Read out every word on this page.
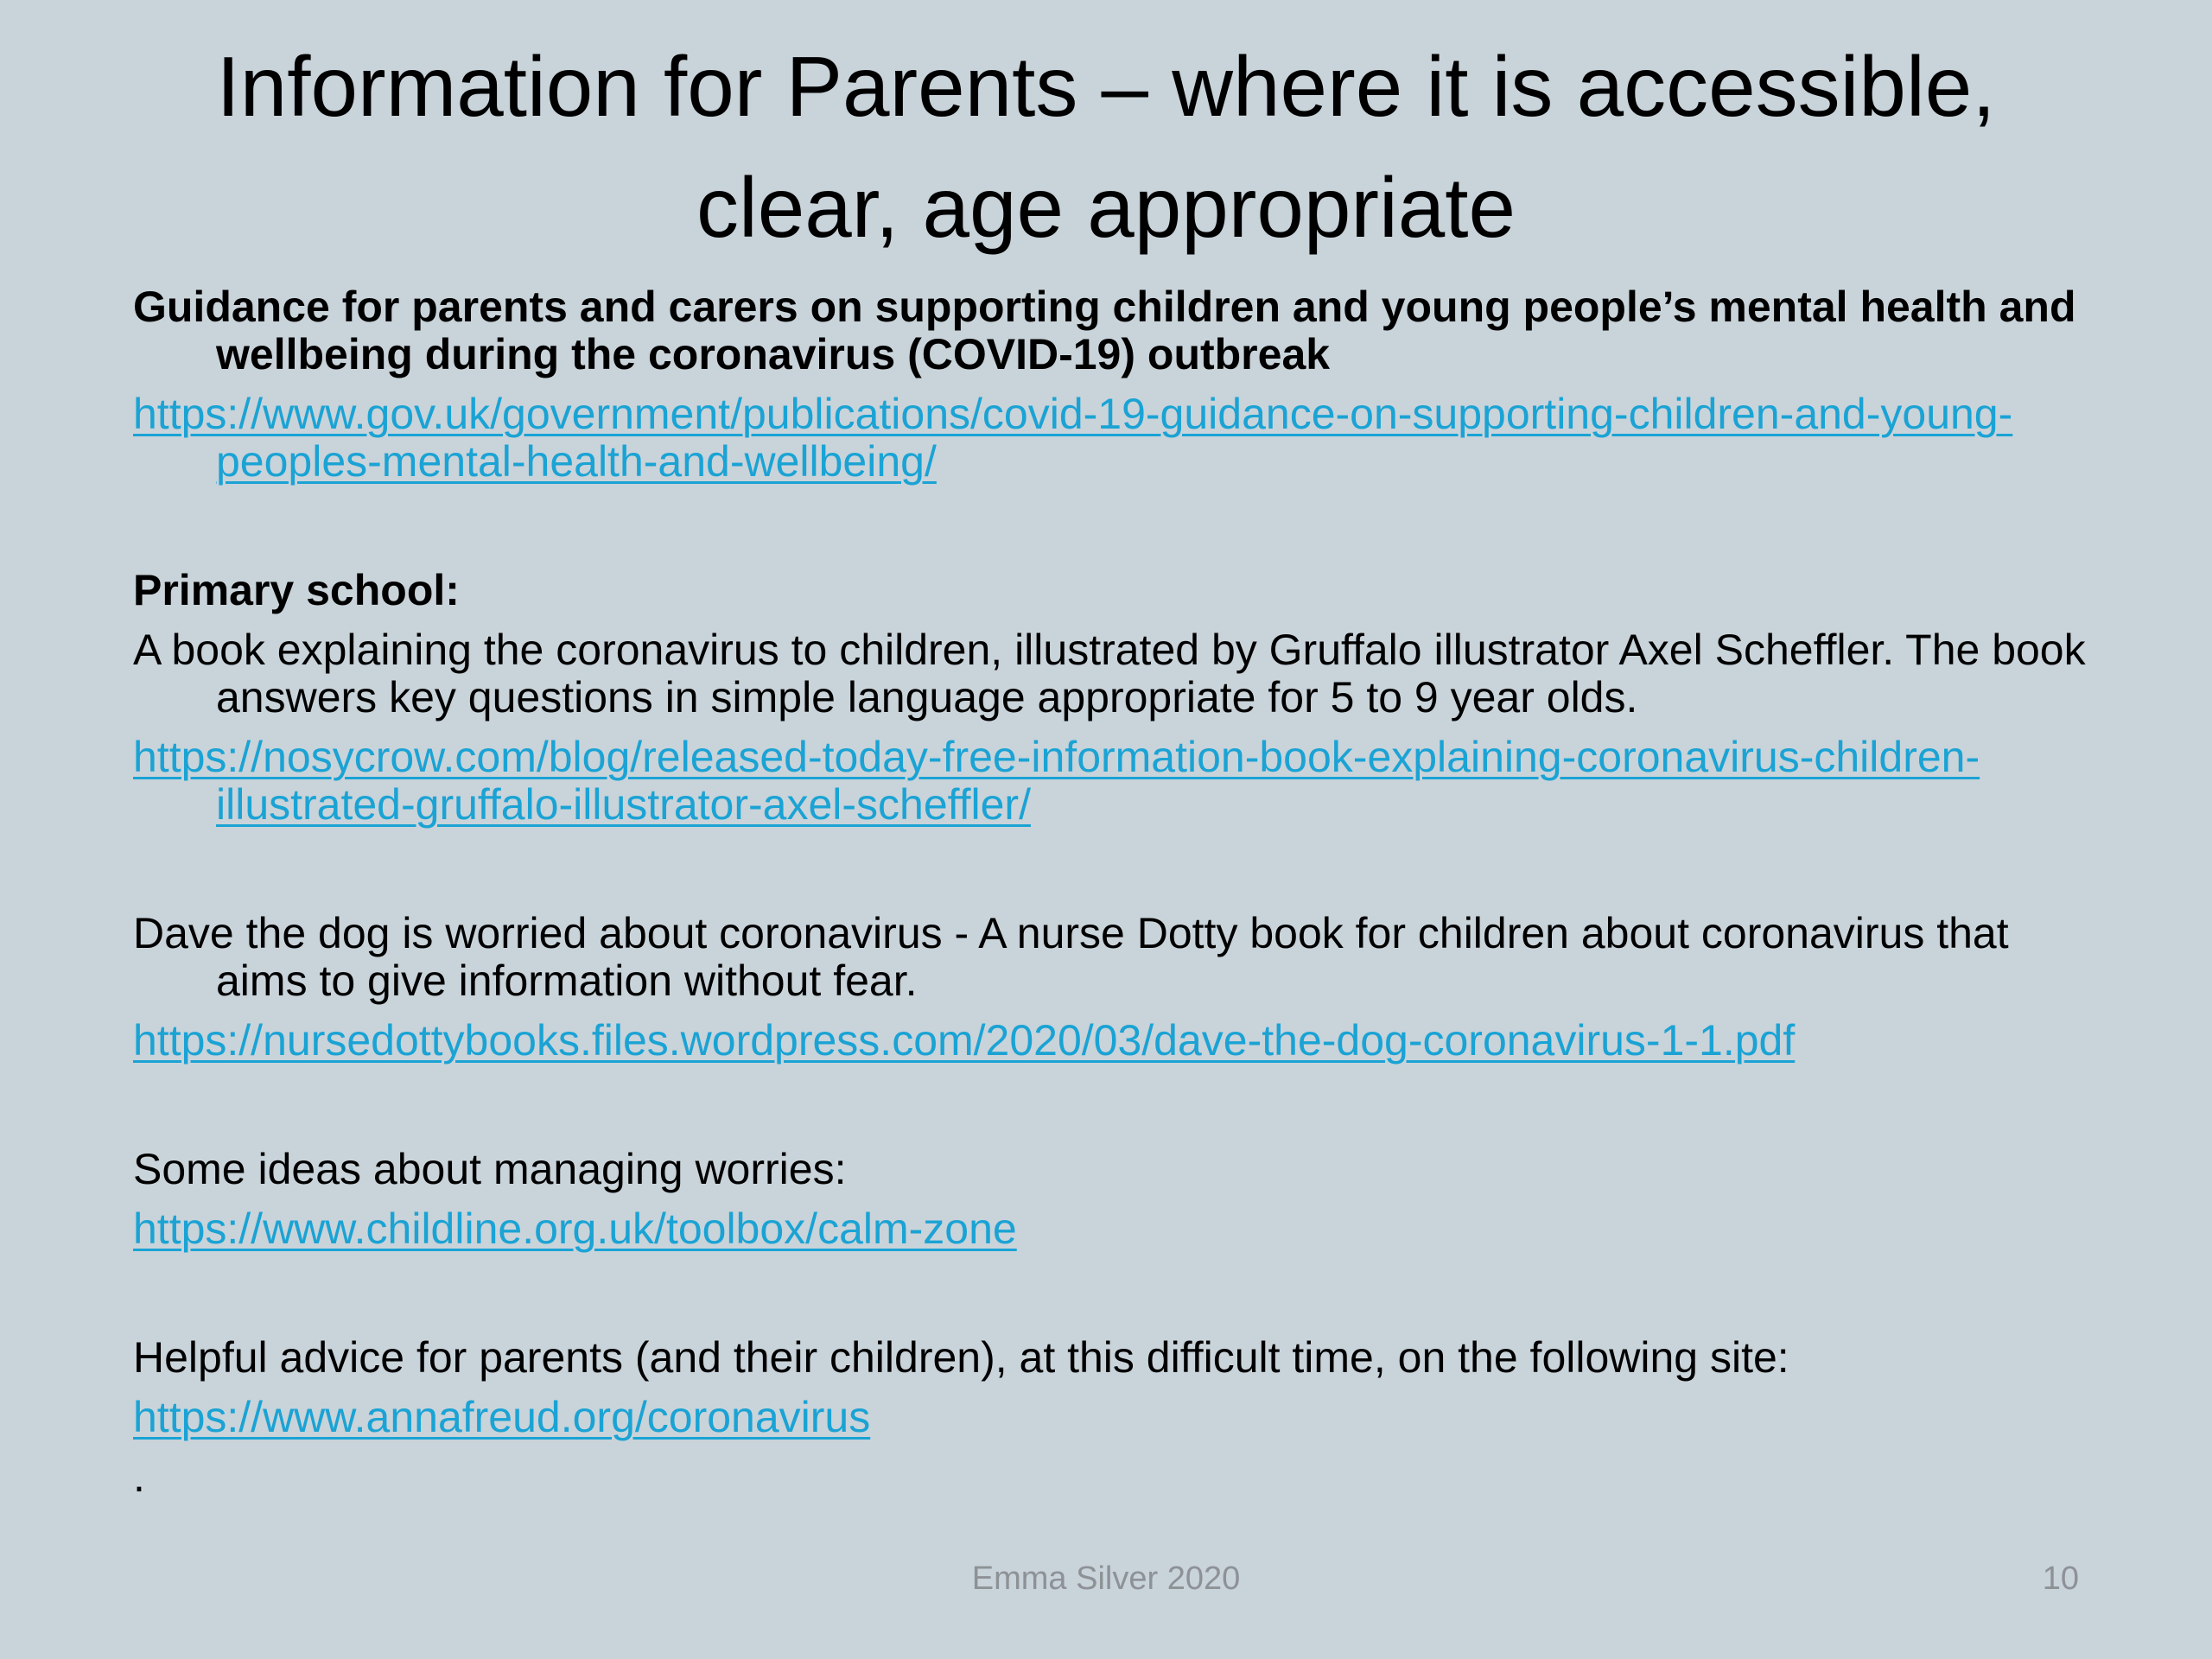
Information for Parents – where it is accessible, clear, age appropriate

Guidance for parents and carers on supporting children and young people’s mental health and wellbeing during the coronavirus (COVID-19) outbreak

https://www.gov.uk/government/publications/covid-19-guidance-on-supporting-children-and-young-peoples-mental-health-and-wellbeing/

Primary school:

A book explaining the coronavirus to children, illustrated by Gruffalo illustrator Axel Scheffler. The book answers key questions in simple language appropriate for 5 to 9 year olds.

https://nosycrow.com/blog/released-today-free-information-book-explaining-coronavirus-children-illustrated-gruffalo-illustrator-axel-scheffler/

Dave the dog is worried about coronavirus - A nurse Dotty book for children about coronavirus that aims to give information without fear.

https://nursedottybooks.files.wordpress.com/2020/03/dave-the-dog-coronavirus-1-1.pdf

Some ideas about managing worries:

https://www.childline.org.uk/toolbox/calm-zone

Helpful advice for parents (and their children), at this difficult time, on the following site:

https://www.annafreud.org/coronavirus

.

Emma Silver 2020	10
